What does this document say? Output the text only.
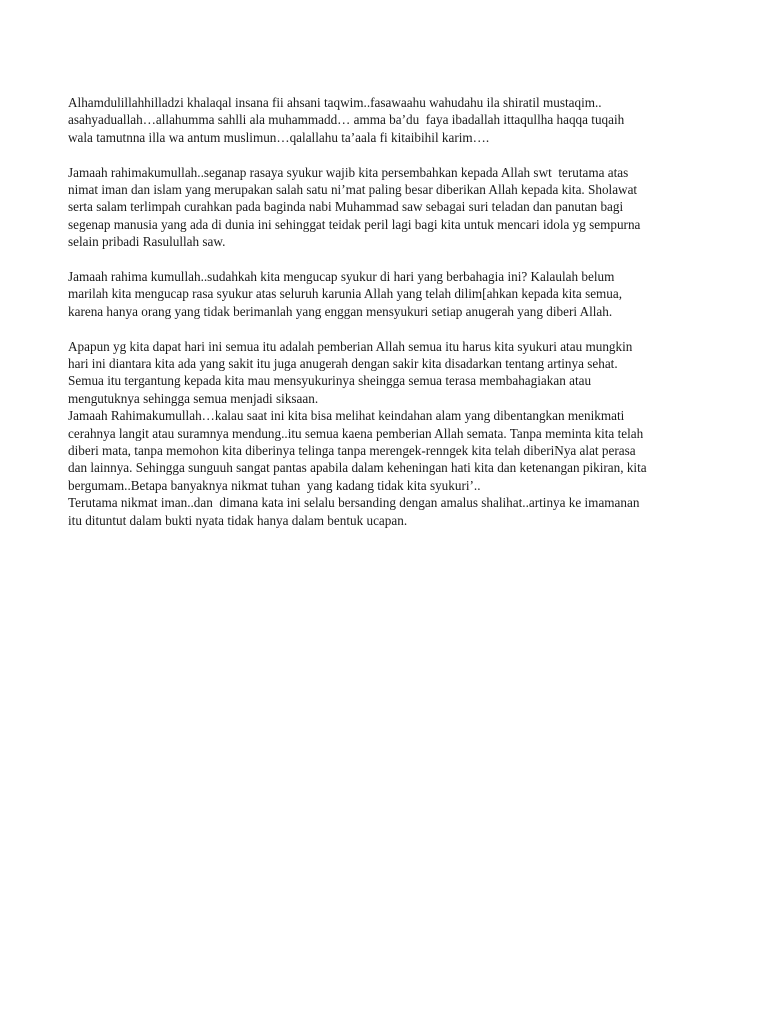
Alhamdulillahhilladzi khalaqal insana fii ahsani taqwim..fasawaahu wahudahu ila shiratil mustaqim..
asahyaduallah…allahumma sahlli ala muhammadd… amma ba’du  faya ibadallah ittaqullha haqqa tuqaih
wala tamutnna illa wa antum muslimun…qalallahu ta’aala fi kitaibihil karim….

Jamaah rahimakumullah..seganap rasaya syukur wajib kita persembahkan kepada Allah swt  terutama atas
nimat iman dan islam yang merupakan salah satu ni’mat paling besar diberikan Allah kepada kita. Sholawat
serta salam terlimpah curahkan pada baginda nabi Muhammad saw sebagai suri teladan dan panutan bagi
segenap manusia yang ada di dunia ini sehinggat teidak peril lagi bagi kita untuk mencari idola yg sempurna
selain pribadi Rasulullah saw.

Jamaah rahima kumullah..sudahkah kita mengucap syukur di hari yang berbahagia ini? Kalaulah belum
marilah kita mengucap rasa syukur atas seluruh karunia Allah yang telah dilim[ahkan kepada kita semua,
karena hanya orang yang tidak berimanlah yang enggan mensyukuri setiap anugerah yang diberi Allah.

Apapun yg kita dapat hari ini semua itu adalah pemberian Allah semua itu harus kita syukuri atau mungkin
hari ini diantara kita ada yang sakit itu juga anugerah dengan sakir kita disadarkan tentang artinya sehat.
Semua itu tergantung kepada kita mau mensyukurinya sheingga semua terasa membahagiakan atau
mengutuknya sehingga semua menjadi siksaan.

Jamaah Rahimakumullah…kalau saat ini kita bisa melihat keindahan alam yang dibentangkan menikmati
cerahnya langit atau suramnya mendung..itu semua kaena pemberian Allah semata. Tanpa meminta kita telah
diberi mata, tanpa memohon kita diberinya telinga tanpa merengek-renngek kita telah diberiNya alat perasa
dan lainnya. Sehingga sunguuh sangat pantas apabila dalam keheningan hati kita dan ketenangan pikiran, kita
bergumam..Betapa banyaknya nikmat tuhan  yang kadang tidak kita syukuri’..

Terutama nikmat iman..dan  dimana kata ini selalu bersanding dengan amalus shalihat..artinya ke imamanan
itu dituntut dalam bukti nyata tidak hanya dalam bentuk ucapan.
